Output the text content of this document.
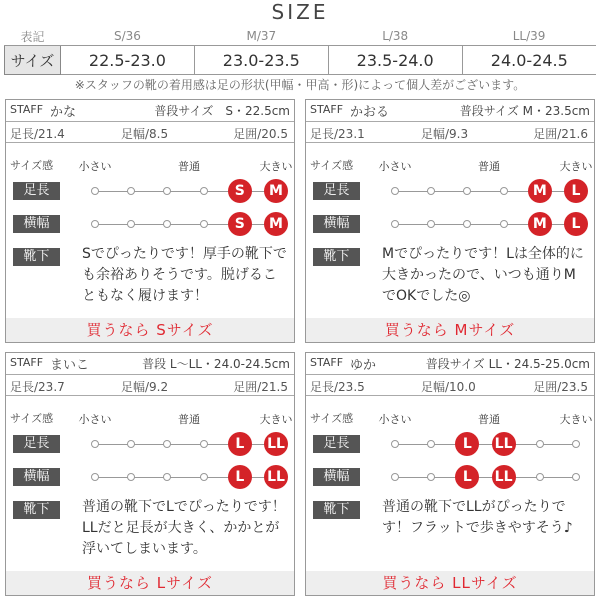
SIZE
表記	S/36	M/37	L/38	LL/39
サイズ	22.5-23.0	23.0-23.5	23.5-24.0	24.0-24.5
※スタッフの靴の着用感は足の形状(甲幅・甲高・形)によって個人差がございます。
STAFF かな	普段サイズ　S・22.5cm
足長/21.4	足幅/8.5	足囲/20.5
サイズ感 小さい	普通	大きい
足長
横幅
靴下	Sでぴったりです！厚手の靴下でも余裕ありそうです。脱げることもなく履けます！
買うなら Sサイズ
S	M
S	M
STAFF かおる	普段サイズ M・23.5cm
足長/23.1	足幅/9.3	足囲/21.6
サイズ感 小さい	普通	大きい
足長
横幅
靴下	Mでぴったりです！Lは全体的に大きかったので、いつも通りMでOKでした◎
買うなら Mサイズ
M	L
M	L
STAFF まいこ	普段 L～LL・24.0-24.5cm
足長/23.7	足幅/9.2	足囲/21.5
サイズ感 小さい	普通	大きい
足長
横幅
靴下	普通の靴下でLでぴったりです！LLだと足長が大きく、かかとが浮いてしまいます。
買うなら Lサイズ
L	LL
L	LL
STAFF ゆか	普段サイズ LL・24.5-25.0cm
足長/23.5	足幅/10.0	足囲/23.5
サイズ感 小さい	普通	大きい
足長
横幅
靴下	普通の靴下でLLがぴったりです！フラットで歩きやすそう♪
買うなら LLサイズ
L	LL
L	LL
